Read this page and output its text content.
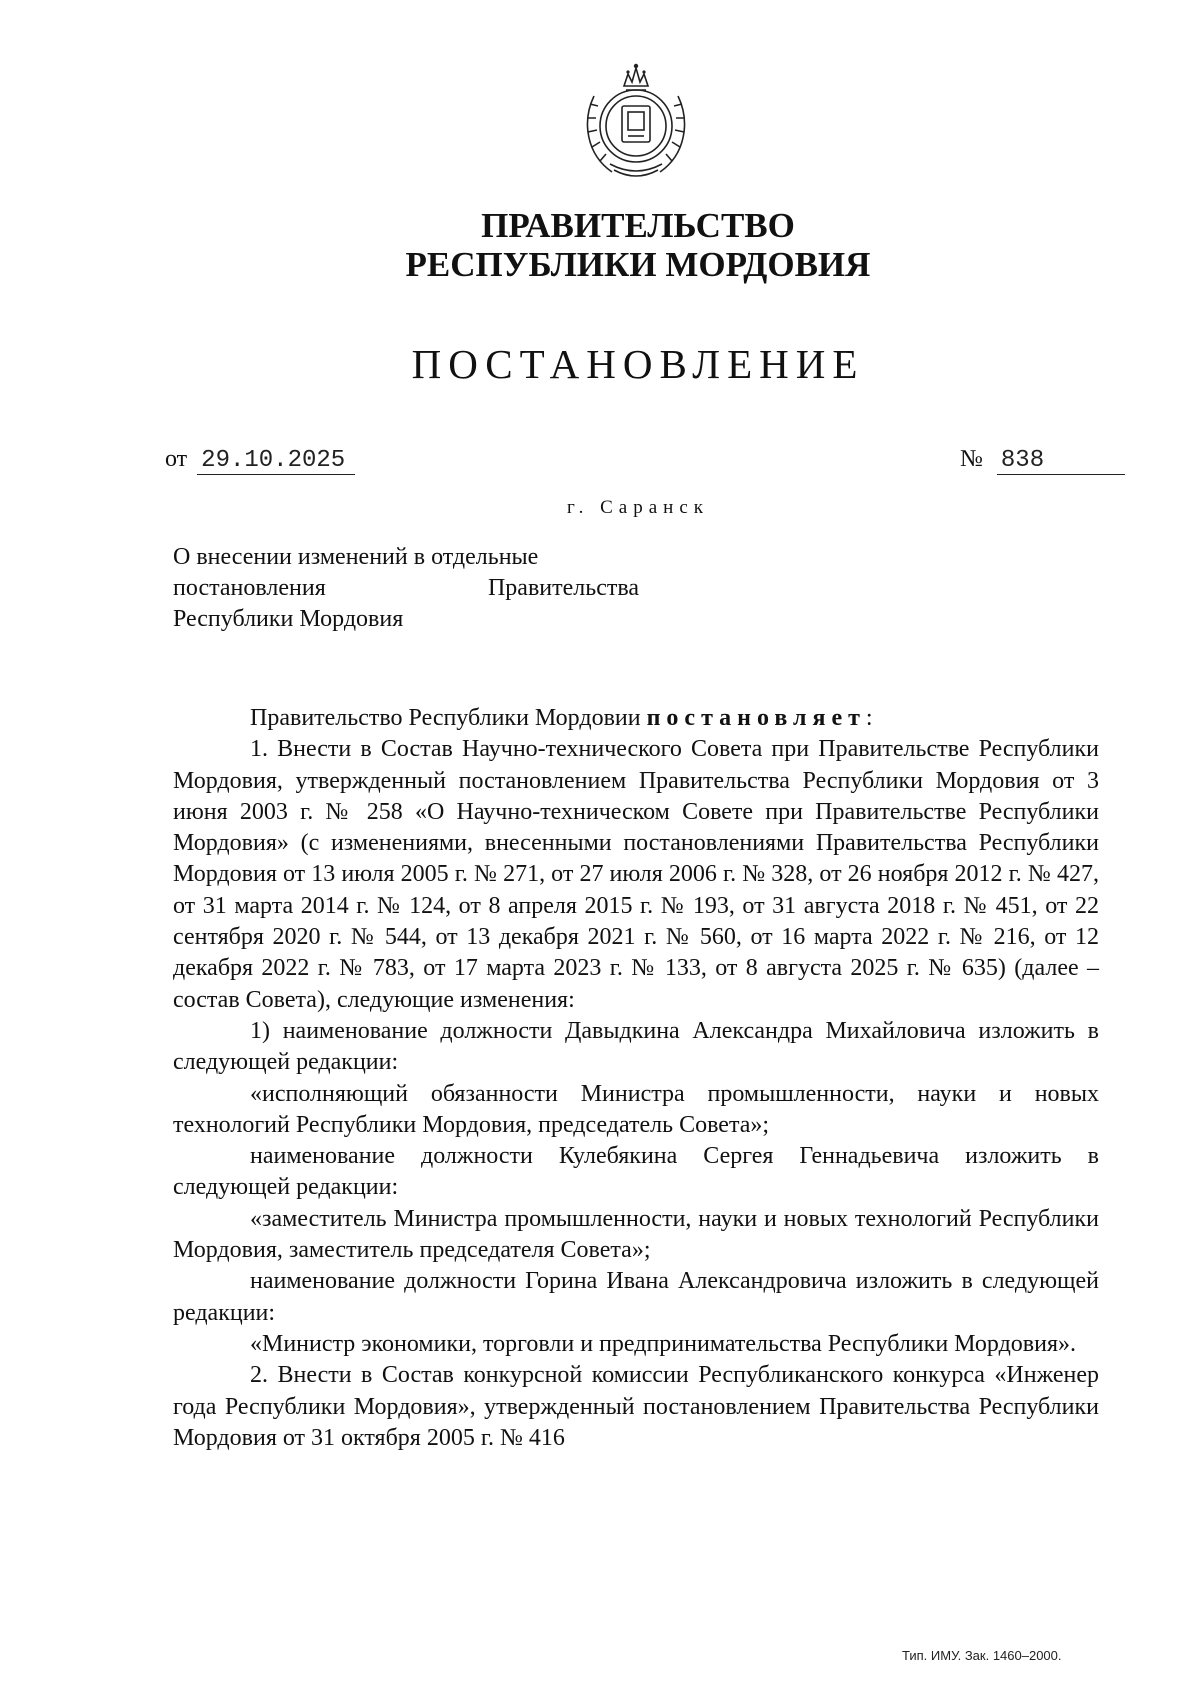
ПРАВИТЕЛЬСТВО
РЕСПУБЛИКИ МОРДОВИЯ
ПОСТАНОВЛЕНИЕ
от 29.10.2025	№ 838
г. Саранск
О внесении изменений в отдельные
постановления	Правительства
Республики Мордовия

Правительство Республики Мордовии постановляет:

1. Внести в Состав Научно-технического Совета при Правительстве Республики Мордовия, утвержденный постановлением Правительства Республики Мордовия от 3 июня 2003 г. № 258 «О Научно-техническом Совете при Правительстве Республики Мордовия» (с изменениями, внесенными постановлениями Правительства Республики Мордовия от 13 июля 2005 г. № 271, от 27 июля 2006 г. № 328, от 26 ноября 2012 г. № 427, от 31 марта 2014 г. № 124, от 8 апреля 2015 г. № 193, от 31 августа 2018 г. № 451, от 22 сентября 2020 г. № 544, от 13 декабря 2021 г. № 560, от 16 марта 2022 г. № 216, от 12 декабря 2022 г. № 783, от 17 марта 2023 г. № 133, от 8 августа 2025 г. № 635) (далее – состав Совета), следующие изменения:

1) наименование должности Давыдкина Александра Михайловича изложить в следующей редакции:

«исполняющий обязанности Министра промышленности, науки и новых технологий Республики Мордовия, председатель Совета»;

наименование должности Кулебякина Сергея Геннадьевича изложить в следующей редакции:

«заместитель Министра промышленности, науки и новых технологий Республики Мордовия, заместитель председателя Совета»;

наименование должности Горина Ивана Александровича изложить в следующей редакции:

«Министр экономики, торговли и предпринимательства Республики Мордовия».

2. Внести в Состав конкурсной комиссии Республиканского конкурса «Инженер года Республики Мордовия», утвержденный постановлением Правительства Республики Мордовия от 31 октября 2005 г. № 416

Тип. ИМУ. Зак. 1460–2000.
